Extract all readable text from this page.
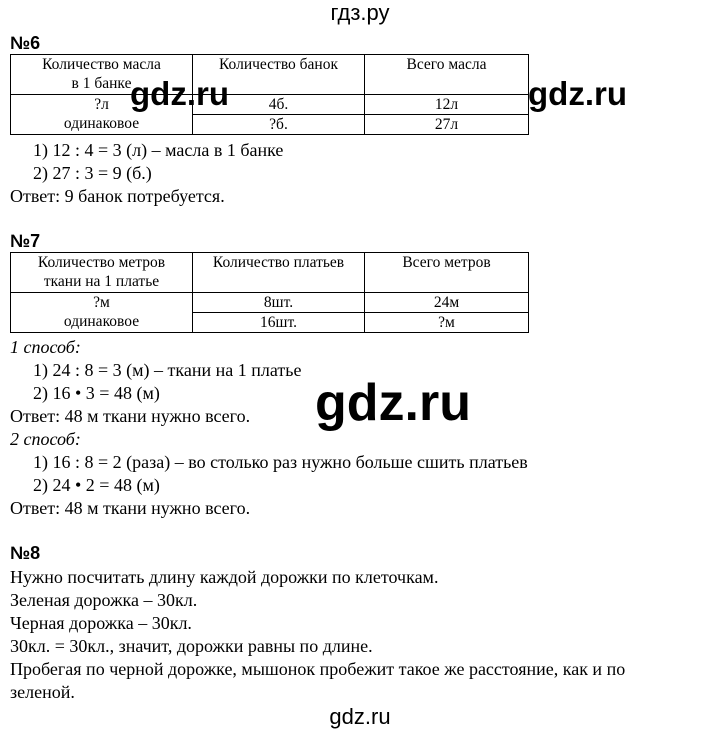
гдз.ру
№6
Количество масла
в 1 банке	Количество банок	Всего масла

?л
одинаковое	4б.	12л
	?б.	27л
1) 12 : 4 = 3 (л) – масла в 1 банке
2) 27 : 3 = 9 (б.)
Ответ: 9 банок потребуется.
gdz.ru	gdz.ru
gdz.ru
№7
Количество метров
ткани на 1 платье	Количество платьев	Всего метров

?м
одинаковое	8шт.	24м
	16шт.	?м
1 способ:
1) 24 : 8 = 3 (м) – ткани на 1 платье
2) 16 • 3 = 48 (м)
Ответ: 48 м ткани нужно всего.
2 способ:
1) 16 : 8 = 2 (раза) – во столько раз нужно больше сшить платьев
2) 24 • 2 = 48 (м)
Ответ: 48 м ткани нужно всего.
№8
Нужно посчитать длину каждой дорожки по клеточкам.
Зеленая дорожка – 30кл.
Черная дорожка – 30кл.
30кл. = 30кл., значит, дорожки равны по длине.
Пробегая по черной дорожке, мышонок пробежит такое же расстояние, как и по
зеленой.
gdz.ru
